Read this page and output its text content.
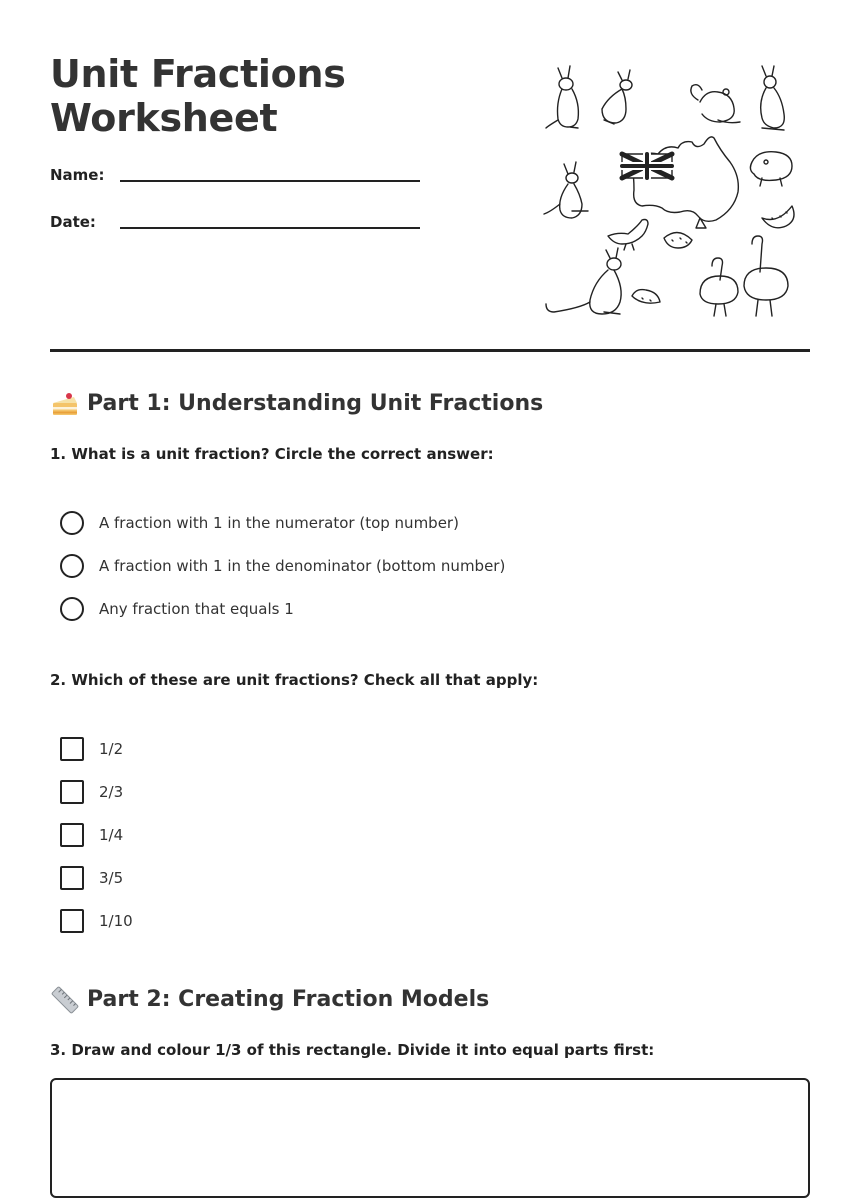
Unit Fractions
Worksheet
Name:
Date:
Part 1: Understanding Unit Fractions
1. What is a unit fraction? Circle the correct answer:
A fraction with 1 in the numerator (top number)
A fraction with 1 in the denominator (bottom number)
Any fraction that equals 1
2. Which of these are unit fractions? Check all that apply:
1/2
2/3
1/4
3/5
1/10
Part 2: Creating Fraction Models
3. Draw and colour 1/3 of this rectangle. Divide it into equal parts first:
